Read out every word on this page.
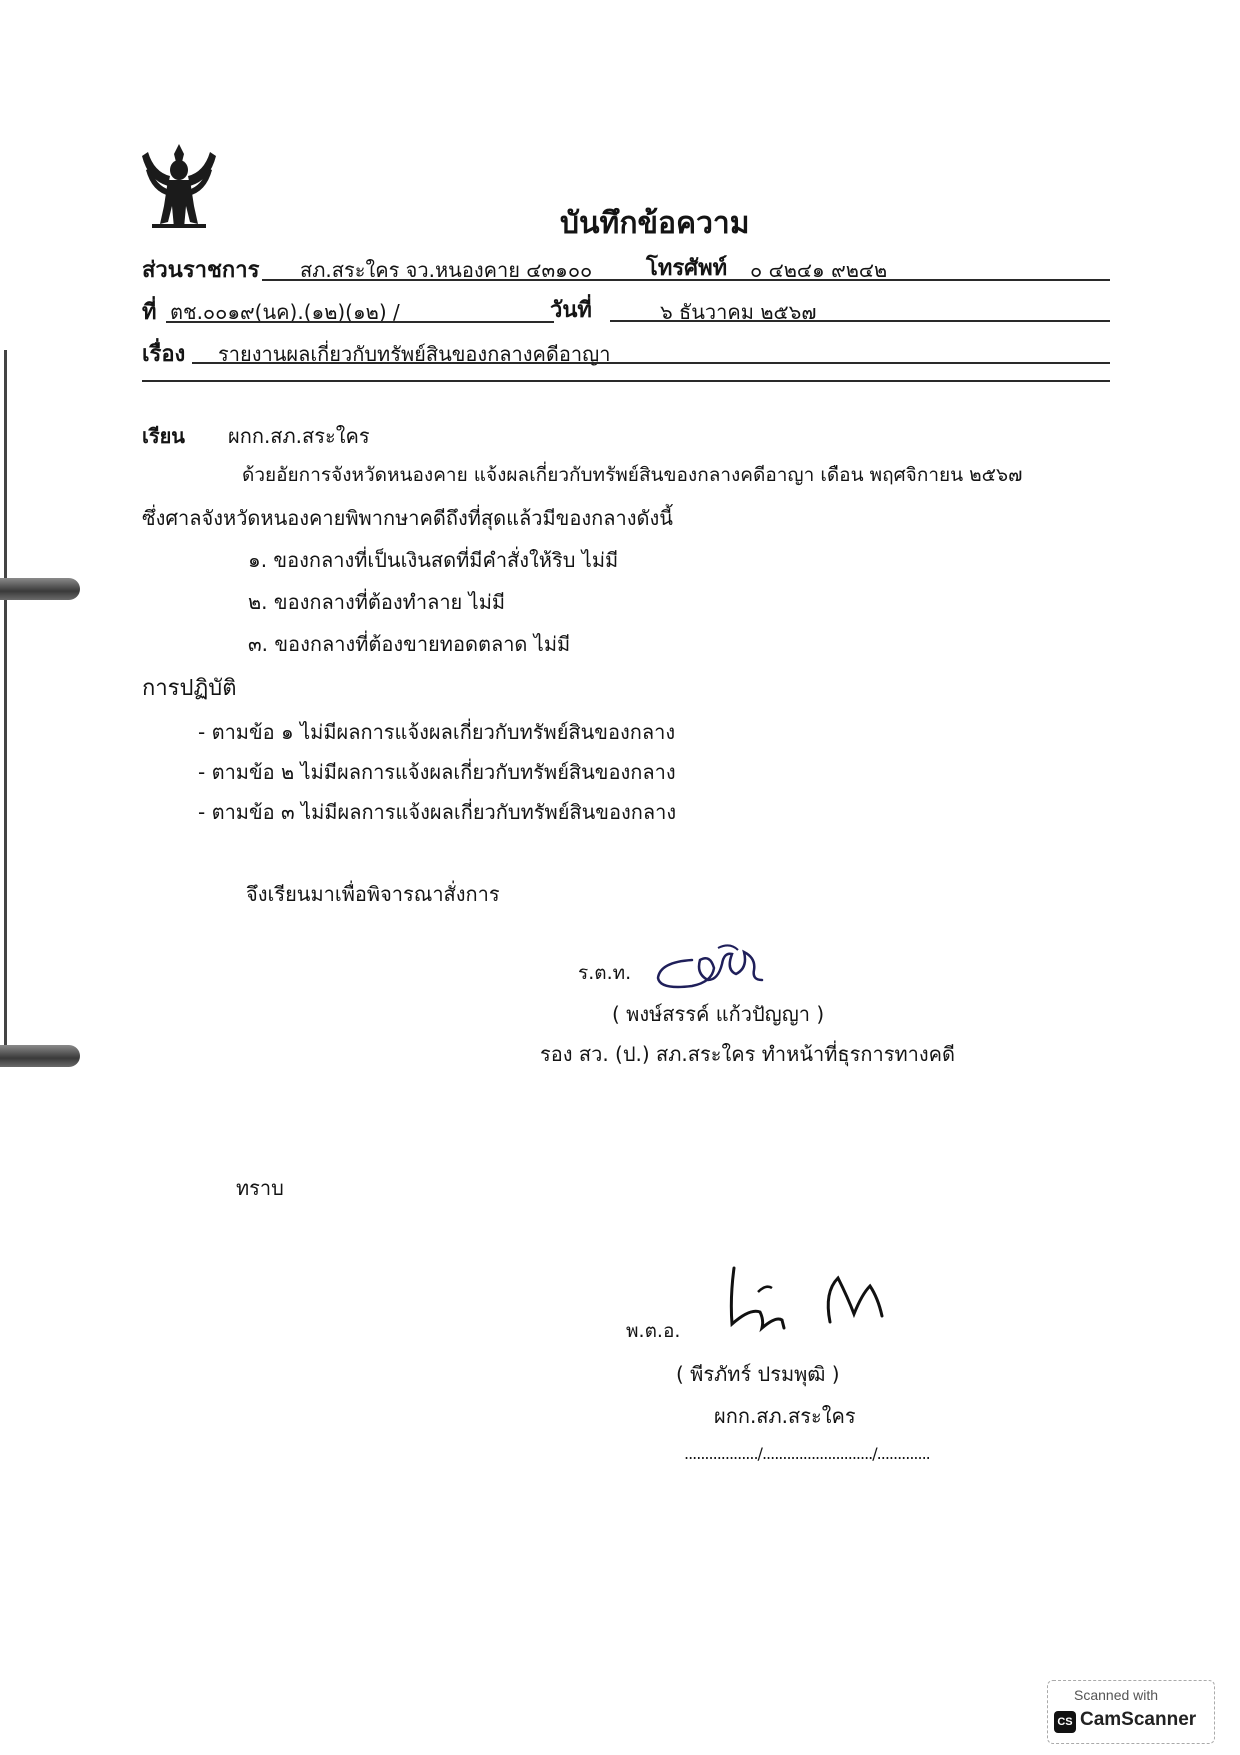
บันทึกข้อความ
ส่วนราชการ สภ.สระใคร จว.หนองคาย ๔๓๑๐๐ โทรศัพท์ ๐ ๔๒๔๑ ๙๒๔๒
ที่ ตช.๐๐๑๙(นค).(๑๒)(๑๒) /	วันที่	๖ ธันวาคม ๒๕๖๗
เรื่อง รายงานผลเกี่ยวกับทรัพย์สินของกลางคดีอาญา
เรียน ผกก.สภ.สระใคร
ด้วยอัยการจังหวัดหนองคาย แจ้งผลเกี่ยวกับทรัพย์สินของกลางคดีอาญา เดือน พฤศจิกายน ๒๕๖๗
ซึ่งศาลจังหวัดหนองคายพิพากษาคดีถึงที่สุดแล้วมีของกลางดังนี้
๑. ของกลางที่เป็นเงินสดที่มีคำสั่งให้ริบ ไม่มี
๒. ของกลางที่ต้องทำลาย ไม่มี
๓. ของกลางที่ต้องขายทอดตลาด ไม่มี
การปฏิบัติ
- ตามข้อ ๑ ไม่มีผลการแจ้งผลเกี่ยวกับทรัพย์สินของกลาง
- ตามข้อ ๒ ไม่มีผลการแจ้งผลเกี่ยวกับทรัพย์สินของกลาง
- ตามข้อ ๓ ไม่มีผลการแจ้งผลเกี่ยวกับทรัพย์สินของกลาง
จึงเรียนมาเพื่อพิจารณาสั่งการ
ร.ต.ท.
( พงษ์สรรค์ แก้วปัญญา )
รอง สว. (ป.) สภ.สระใคร ทำหน้าที่ธุรการทางคดี
ทราบ
พ.ต.อ.
( พีรภัทร์ ปรมพุฒิ )
ผกก.สภ.สระใคร
................../.........................../.............
Scanned with
CS CamScanner
